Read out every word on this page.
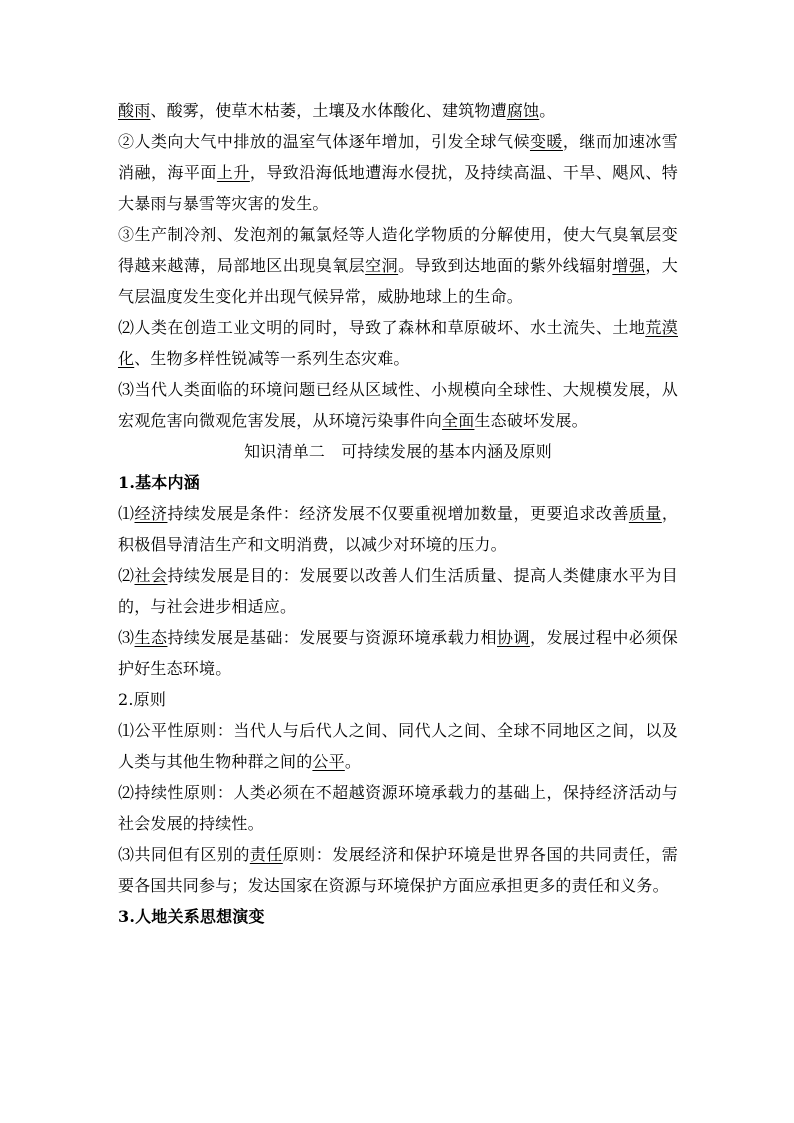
酸雨、酸雾，使草木枯萎，土壤及水体酸化、建筑物遭腐蚀。

②人类向大气中排放的温室气体逐年增加，引发全球气候变暖，继而加速冰雪消融，海平面上升，导致沿海低地遭海水侵扰，及持续高温、干旱、飓风、特大暴雨与暴雪等灾害的发生。

③生产制冷剂、发泡剂的氟氯烃等人造化学物质的分解使用，使大气臭氧层变得越来越薄，局部地区出现臭氧层空洞。导致到达地面的紫外线辐射增强，大气层温度发生变化并出现气候异常，威胁地球上的生命。

⑵人类在创造工业文明的同时，导致了森林和草原破坏、水土流失、土地荒漠化、生物多样性锐减等一系列生态灾难。

⑶当代人类面临的环境问题已经从区域性、小规模向全球性、大规模发展，从宏观危害向微观危害发展，从环境污染事件向全面生态破坏发展。

知识清单二　可持续发展的基本内涵及原则

1.基本内涵

⑴经济持续发展是条件：经济发展不仅要重视增加数量，更要追求改善质量，积极倡导清洁生产和文明消费，以减少对环境的压力。

⑵社会持续发展是目的：发展要以改善人们生活质量、提高人类健康水平为目的，与社会进步相适应。

⑶生态持续发展是基础：发展要与资源环境承载力相协调，发展过程中必须保护好生态环境。

2.原则

⑴公平性原则：当代人与后代人之间、同代人之间、全球不同地区之间，以及人类与其他生物种群之间的公平。

⑵持续性原则：人类必须在不超越资源环境承载力的基础上，保持经济活动与社会发展的持续性。

⑶共同但有区别的责任原则：发展经济和保护环境是世界各国的共同责任，需要各国共同参与；发达国家在资源与环境保护方面应承担更多的责任和义务。

3.人地关系思想演变
